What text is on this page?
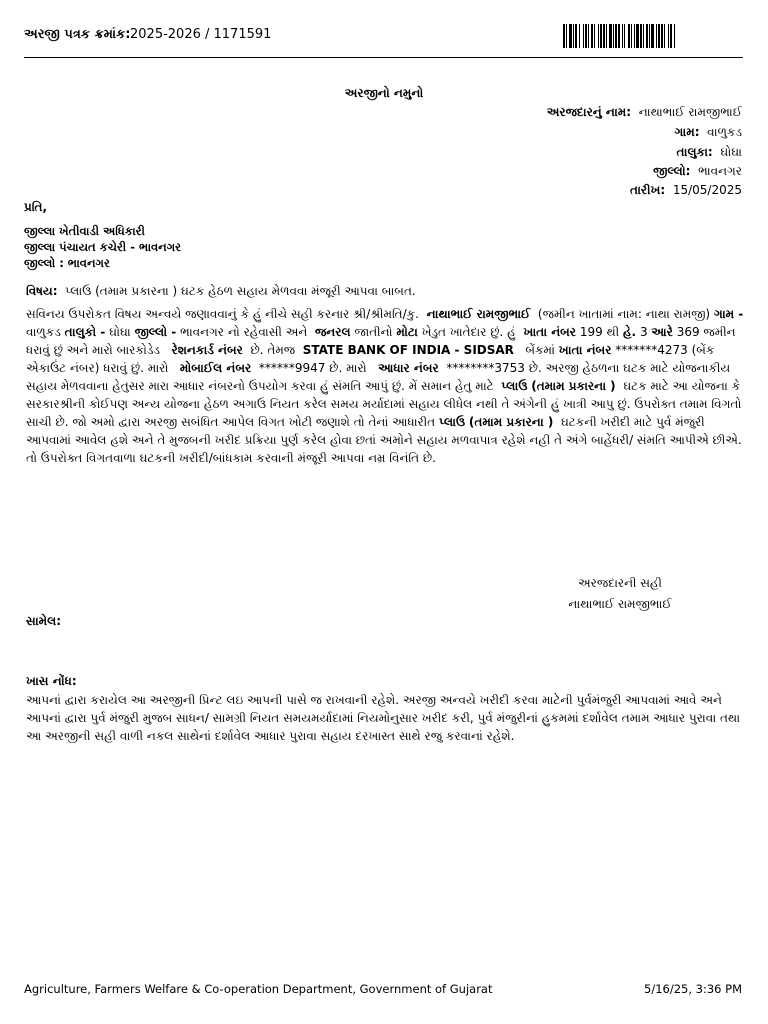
અરજી પત્રક ક્રમાંક: 2025-2026 / 1171591
અરજીનો નમુનો
અરજદારનું નામ: નાથાભાઈ રામજીભાઈ
ગામ: વાળુકડ
તાલુકા: ઘોઘા
જીલ્લો: ભાવનગર
તારીખ: 15/05/2025
પ્રતિ,
જીલ્લા ખેતીવાડી અધિકારી
જીલ્લા પંચાયત કચેરી - ભાવનગર
જીલ્લો : ભાવનગર
વિષય: પ્લાઉ (તમામ પ્રકારના ) ઘટક હેઠળ સહાય મેળવવા મંજૂરી આપવા બાબત.
સવિનય ઉપરોકત વિષય અન્વયે જણાવવાનું કે હું નીચે સહી કરનાર શ્રી/શ્રીમતિ/કુ. નાથાભાઈ રામજીભાઈ (જમીન ખાતામાં નામ: નાથા રામજી) ગામ - વાળુકડ તાલુકો - ઘોઘા જીલ્લો - ભાવનગર નો રહેવાસી અને જનરલ જાતીનો મોટા ખેડુત ખાતેદાર છું. હું ખાતા નંબર 199 થી હે. 3 આરે 369 જમીન ધરાવું છું અને મારો બારકોડેડ રેશનકાર્ડ નંબર છે. તેમજ STATE BANK OF INDIA - SIDSAR બેંકમાં ખાતા નંબર *******4273 (બેંક એકાઉંટ નંબર) ધરાવું છું. મારો મોબાઈલ નંબર ******9947 છે. મારો આધાર નંબર ********3753 છે. અરજી હેઠળના ઘટક માટે યોજનાકીય સહાય મેળવવાના હેતુસર મારા આધાર નંબરનો ઉપયોગ કરવા હું સંમતિ આપું છું. મેં સમાન હેતુ માટે પ્લાઉ (તમામ પ્રકારના ) ઘટક માટે આ યોજના કે સરકારશ્રીની કોઈપણ અન્ય યોજના હેઠળ અગાઉ નિયત કરેલ સમય મર્યાદામાં સહાય લીધેલ નથી તે અંગેની હું ખાત્રી આપુ છું. ઉપરોક્ત તમામ વિગતો સાચી છે. જો અમો દ્વારા અરજી સબંધિત આપેલ વિગત ખોટી જણાશે તો તેનાં આધારીત પ્લાઉ (તમામ પ્રકારના ) ઘટકની ખરીદી માટે પુર્વ મંજુરી આપવામાં આવેલ હશે અને તે મુજબની ખરીદ પ્રક્રિયા પુર્ણ કરેલ હોવા છતાં અમોને સહાય મળવાપાત્ર રહેશે નહી તે અંગે બાહેંધરી/ સંમતિ આપીએ છીએ. તો ઉપરોક્ત વિગતવાળા ઘટકની ખરીદી/બાંધકામ કરવાની મંજૂરી આપવા નમ્ર વિનંતિ છે.
અરજદારની સહી
નાથાભાઈ રામજીભાઈ
સામેલ:
ખાસ નોંધ:
આપનાં દ્વારા કરાયેલ આ અરજીની પ્રિન્ટ લઇ આપની પાસે જ રાખવાની રહેશે. અરજી અન્વયે ખરીદી કરવા માટેની પુર્વમંજુરી આપવામાં આવે અને આપનાં દ્વારા પુર્વ મંજુરી મુજબ સાધન/ સામગ્રી નિયત સમયમર્યાદામાં નિયમોનુસાર ખરીદ કરી, પુર્વ મંજુરીનાં હુકમમાં દર્શાવેલ તમામ આધાર પુરાવા તથા આ અરજીની સહી વાળી નકલ સાથેનાં દર્શાવેલ આધાર પુરાવા સહાય દરખાસ્ત સાથે રજુ કરવાનાં રહેશે.
Agriculture, Farmers Welfare & Co-operation Department, Government of Gujarat	5/16/25, 3:36 PM
